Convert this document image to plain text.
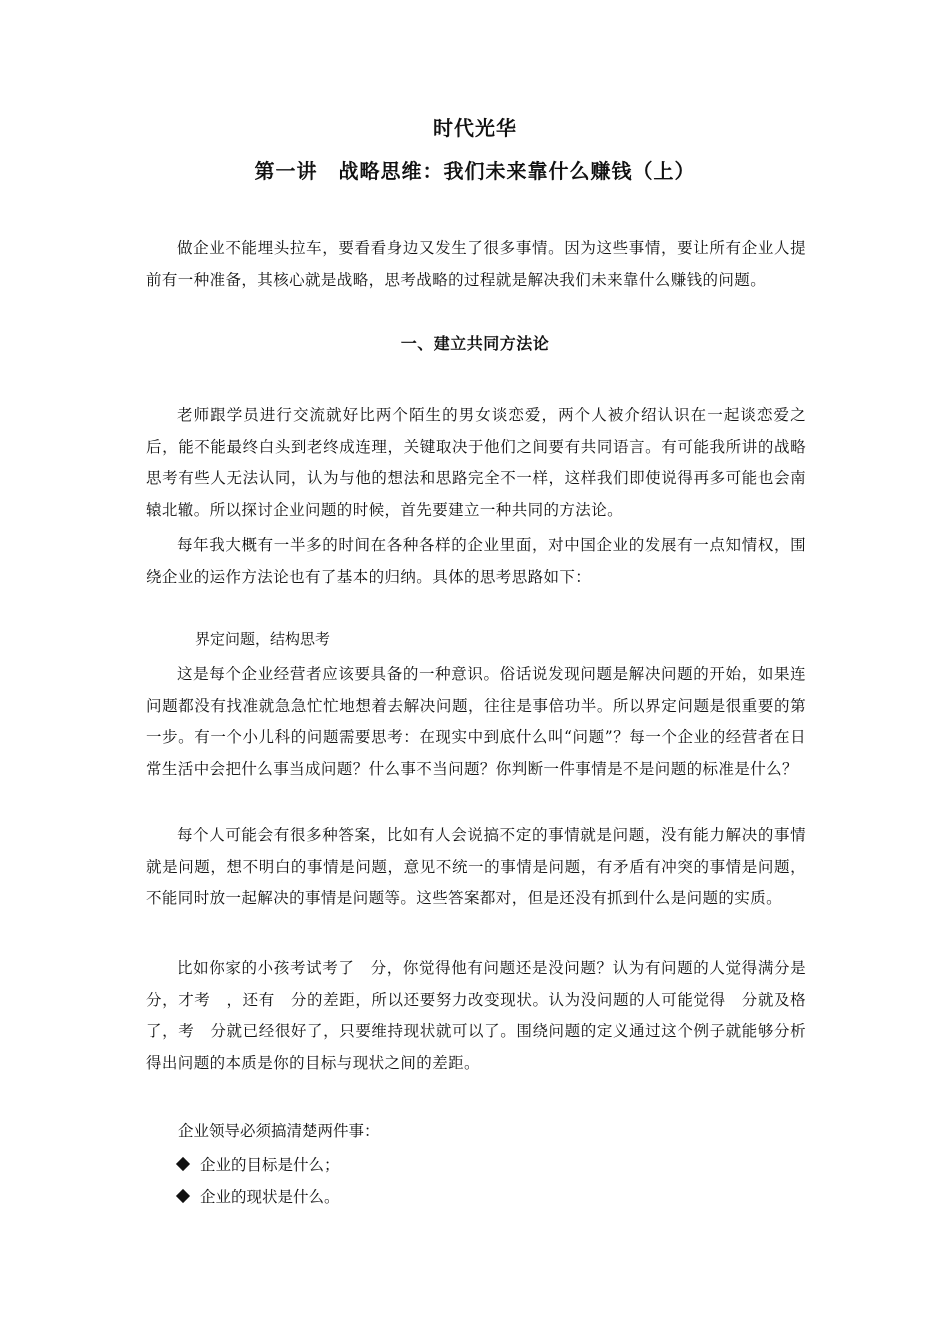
时代光华
第一讲　战略思维：我们未来靠什么赚钱（上）

做企业不能埋头拉车，要看看身边又发生了很多事情。因为这些事情，要让所有企业人提前有一种准备，其核心就是战略，思考战略的过程就是解决我们未来靠什么赚钱的问题。

一、建立共同方法论

老师跟学员进行交流就好比两个陌生的男女谈恋爱，两个人被介绍认识在一起谈恋爱之后，能不能最终白头到老终成连理，关键取决于他们之间要有共同语言。有可能我所讲的战略思考有些人无法认同，认为与他的想法和思路完全不一样，这样我们即使说得再多可能也会南辕北辙。所以探讨企业问题的时候，首先要建立一种共同的方法论。

每年我大概有一半多的时间在各种各样的企业里面，对中国企业的发展有一点知情权，围绕企业的运作方法论也有了基本的归纳。具体的思考思路如下：

界定问题，结构思考

这是每个企业经营者应该要具备的一种意识。俗话说发现问题是解决问题的开始，如果连问题都没有找准就急急忙忙地想着去解决问题，往往是事倍功半。所以界定问题是很重要的第一步。有一个小儿科的问题需要思考：在现实中到底什么叫“问题”？每一个企业的经营者在日常生活中会把什么事当成问题？什么事不当问题？你判断一件事情是不是问题的标准是什么？

每个人可能会有很多种答案，比如有人会说搞不定的事情就是问题，没有能力解决的事情就是问题，想不明白的事情是问题，意见不统一的事情是问题，有矛盾有冲突的事情是问题，不能同时放一起解决的事情是问题等。这些答案都对，但是还没有抓到什么是问题的实质。

比如你家的小孩考试考了　分，你觉得他有问题还是没问题？认为有问题的人觉得满分是　分，才考　，还有　分的差距，所以还要努力改变现状。认为没问题的人可能觉得　分就及格了，考　分就已经很好了，只要维持现状就可以了。围绕问题的定义通过这个例子就能够分析得出问题的本质是你的目标与现状之间的差距。

企业领导必须搞清楚两件事：

企业的目标是什么；
企业的现状是什么。
